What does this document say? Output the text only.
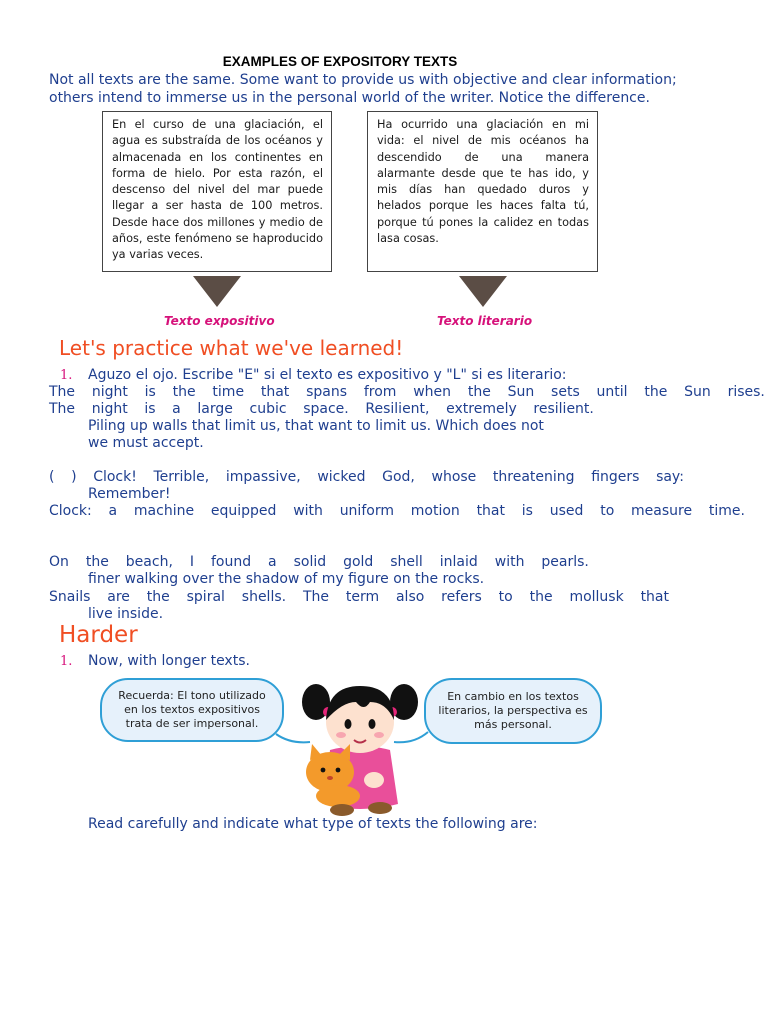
EXAMPLES OF EXPOSITORY TEXTS
Not all texts are the same. Some want to provide us with objective and clear information;
others intend to immerse us in the personal world of the writer. Notice the difference.
En el curso de una glaciación, el agua es substraída de los océanos y almacenada en los continentes en forma de hielo. Por esta razón, el descenso del nivel del mar puede llegar a ser hasta de 100 metros. Desde hace dos millones y medio de años, este fenómeno se haproducido ya varias veces.
Ha ocurrido una glaciación en mi vida: el nivel de mis océanos ha descendido de una manera alarmante desde que te has ido, y mis días han quedado duros y helados porque les haces falta tú, porque tú pones la calidez en todas lasa cosas.
Texto expositivo	Texto literario
Let's practice what we've learned!
1. Aguzo el ojo. Escribe "E" si el texto es expositivo y "L" si es literario:
The night is the time that spans from when the Sun sets until the Sun rises.
The night is a large cubic space. Resilient, extremely resilient.
Piling up walls that limit us, that want to limit us. Which does not
we must accept.
( ) Clock! Terrible, impassive, wicked God, whose threatening fingers say:
Remember!
Clock: a machine equipped with uniform motion that is used to measure time.
On the beach, I found a solid gold shell inlaid with pearls.
finer walking over the shadow of my figure on the rocks.
Snails are the spiral shells. The term also refers to the mollusk that
live inside.
Harder
1. Now, with longer texts.
Recuerda: El tono utilizado en los textos expositivos trata de ser impersonal.
En cambio en los textos literarios, la perspectiva es más personal.
Read carefully and indicate what type of texts the following are:
